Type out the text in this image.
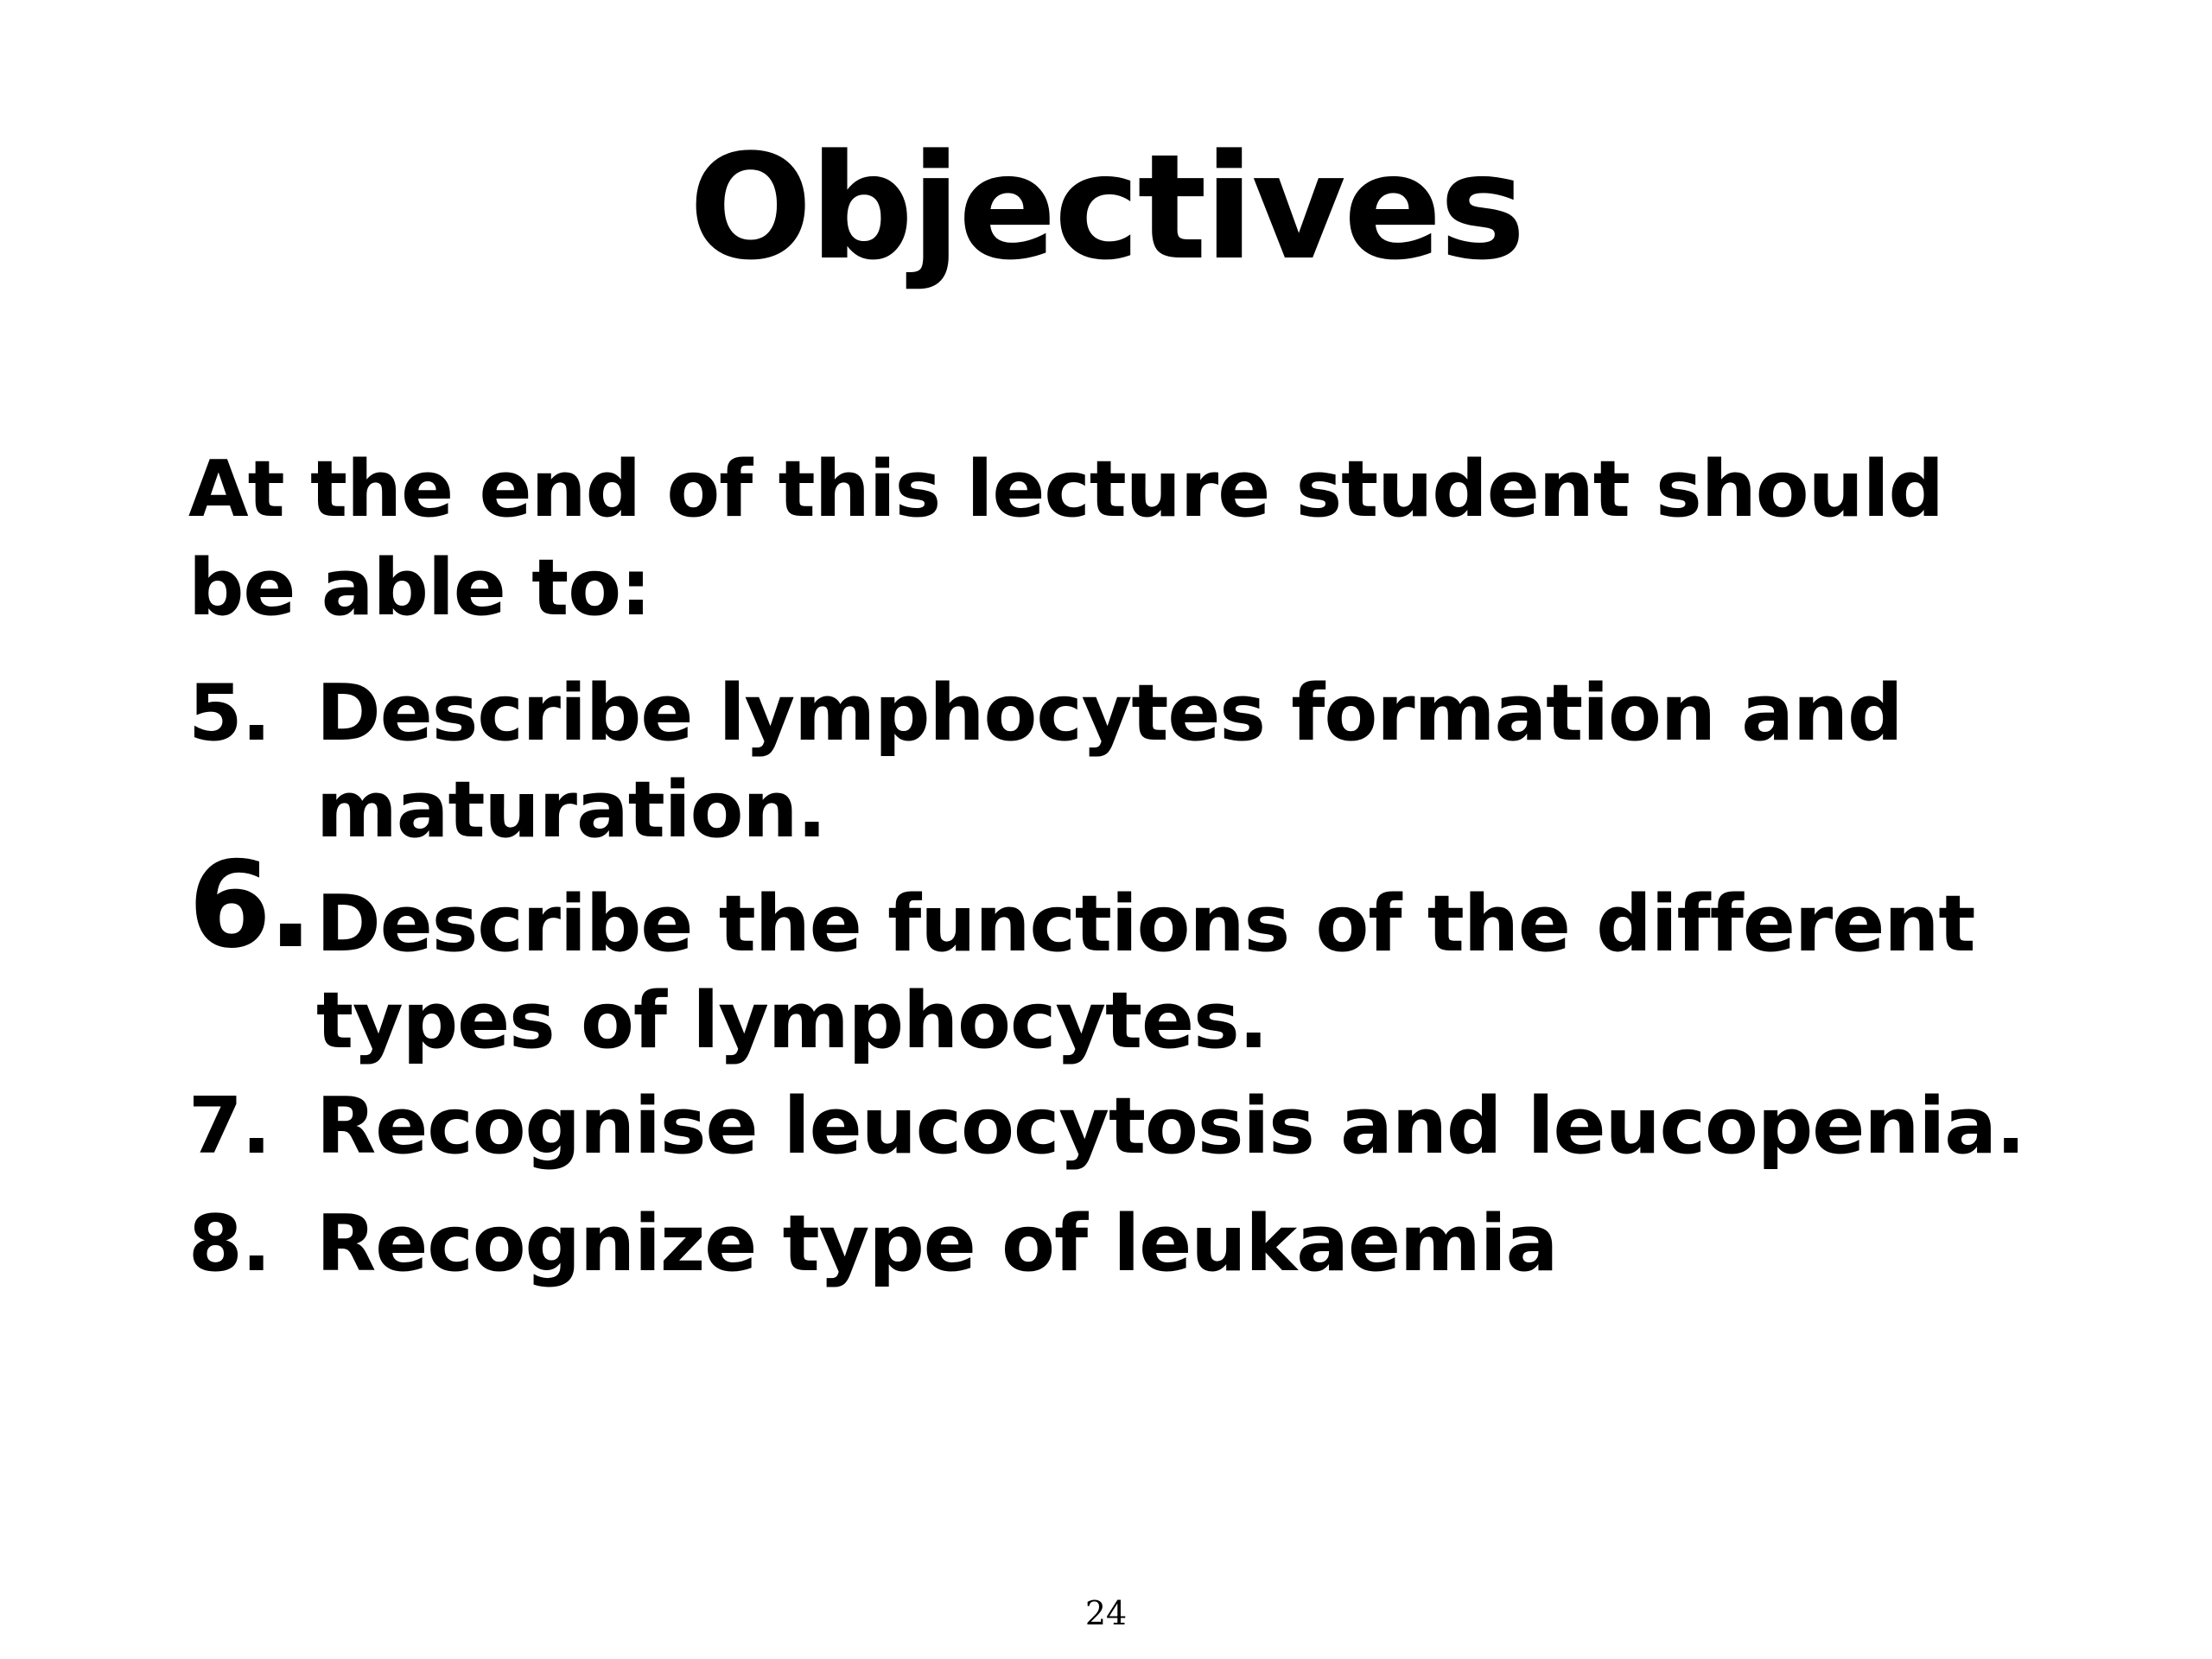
Objectives

At the end of this lecture student should be able to:

5. Describe lymphocytes formation and maturation.
6. Describe the functions of the different types of lymphocytes.
7. Recognise leucocytosis and leucopenia.
8. Recognize type of leukaemia
24
